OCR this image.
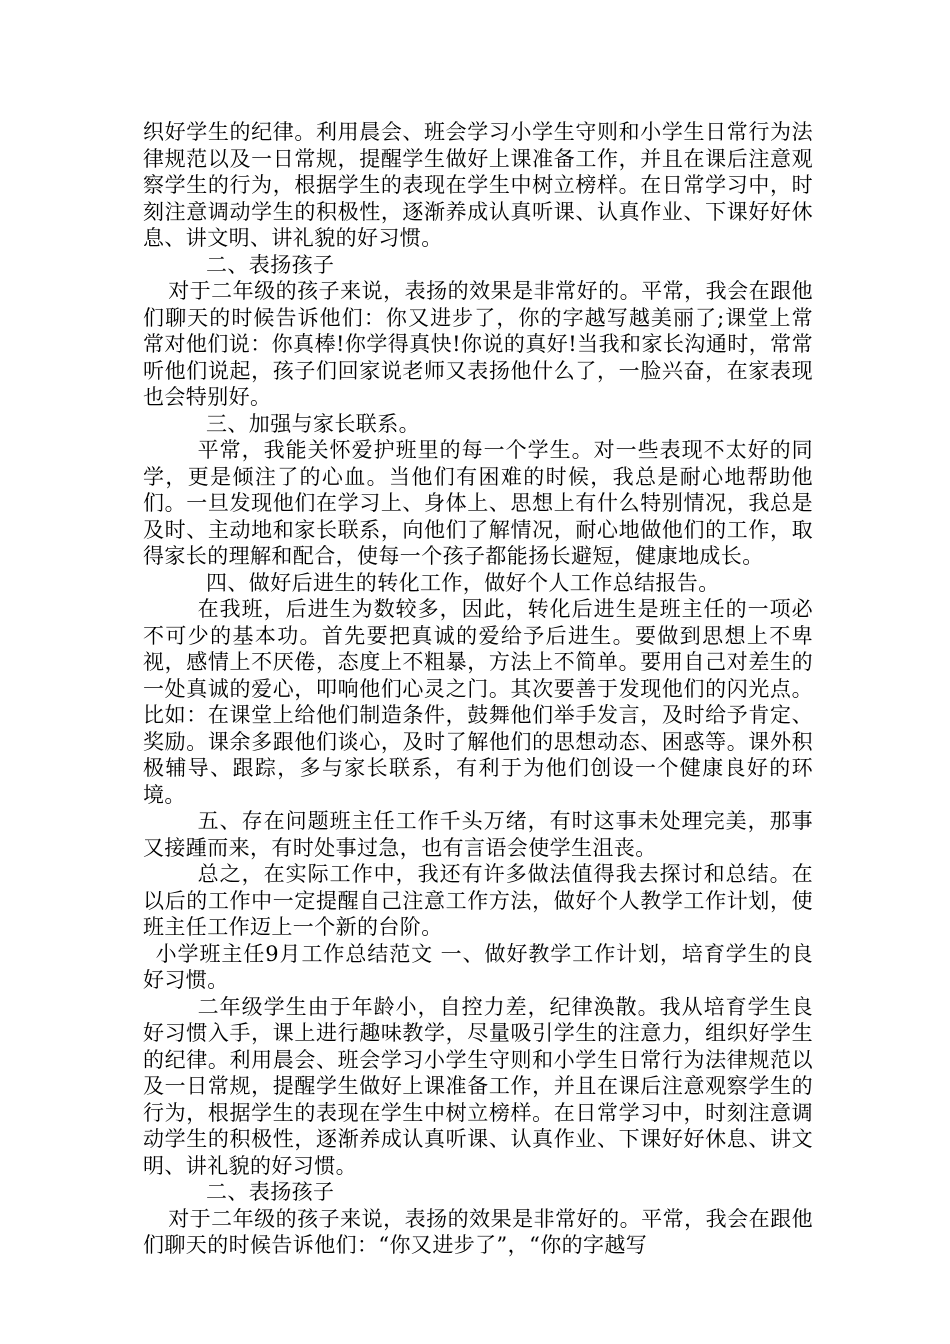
织好学生的纪律。利用晨会、班会学习小学生守则和小学生日常行为法律规范以及一日常规，提醒学生做好上课准备工作，并且在课后注意观察学生的行为，根据学生的表现在学生中树立榜样。在日常学习中，时刻注意调动学生的积极性，逐渐养成认真听课、认真作业、下课好好休息、讲文明、讲礼貌的好习惯。

二、表扬孩子

对于二年级的孩子来说，表扬的效果是非常好的。平常，我会在跟他们聊天的时候告诉他们：你又进步了，你的字越写越美丽了;课堂上常常对他们说：你真棒!你学得真快!你说的真好!当我和家长沟通时，常常听他们说起，孩子们回家说老师又表扬他什么了，一脸兴奋，在家表现也会特别好。

三、加强与家长联系。

平常，我能关怀爱护班里的每一个学生。对一些表现不太好的同学，更是倾注了的心血。当他们有困难的时候，我总是耐心地帮助他们。一旦发现他们在学习上、身体上、思想上有什么特别情况，我总是及时、主动地和家长联系，向他们了解情况，耐心地做他们的工作，取得家长的理解和配合，使每一个孩子都能扬长避短，健康地成长。

四、做好后进生的转化工作，做好个人工作总结报告。

在我班，后进生为数较多，因此，转化后进生是班主任的一项必不可少的基本功。首先要把真诚的爱给予后进生。要做到思想上不卑视，感情上不厌倦，态度上不粗暴，方法上不简单。要用自己对差生的一处真诚的爱心，叩响他们心灵之门。其次要善于发现他们的闪光点。比如：在课堂上给他们制造条件，鼓舞他们举手发言，及时给予肯定、奖励。课余多跟他们谈心，及时了解他们的思想动态、困惑等。课外积极辅导、跟踪，多与家长联系，有利于为他们创设一个健康良好的环境。

五、存在问题班主任工作千头万绪，有时这事未处理完美，那事又接踵而来，有时处事过急，也有言语会使学生沮丧。

总之，在实际工作中，我还有许多做法值得我去探讨和总结。在以后的工作中一定提醒自己注意工作方法，做好个人教学工作计划，使班主任工作迈上一个新的台阶。

小学班主任9月工作总结范文 一、做好教学工作计划，培育学生的良好习惯。

二年级学生由于年龄小，自控力差，纪律涣散。我从培育学生良好习惯入手，课上进行趣味教学，尽量吸引学生的注意力，组织好学生的纪律。利用晨会、班会学习小学生守则和小学生日常行为法律规范以及一日常规，提醒学生做好上课准备工作，并且在课后注意观察学生的行为，根据学生的表现在学生中树立榜样。在日常学习中，时刻注意调动学生的积极性，逐渐养成认真听课、认真作业、下课好好休息、讲文明、讲礼貌的好习惯。

二、表扬孩子

对于二年级的孩子来说，表扬的效果是非常好的。平常，我会在跟他们聊天的时候告诉他们：“你又进步了”，“你的字越写
